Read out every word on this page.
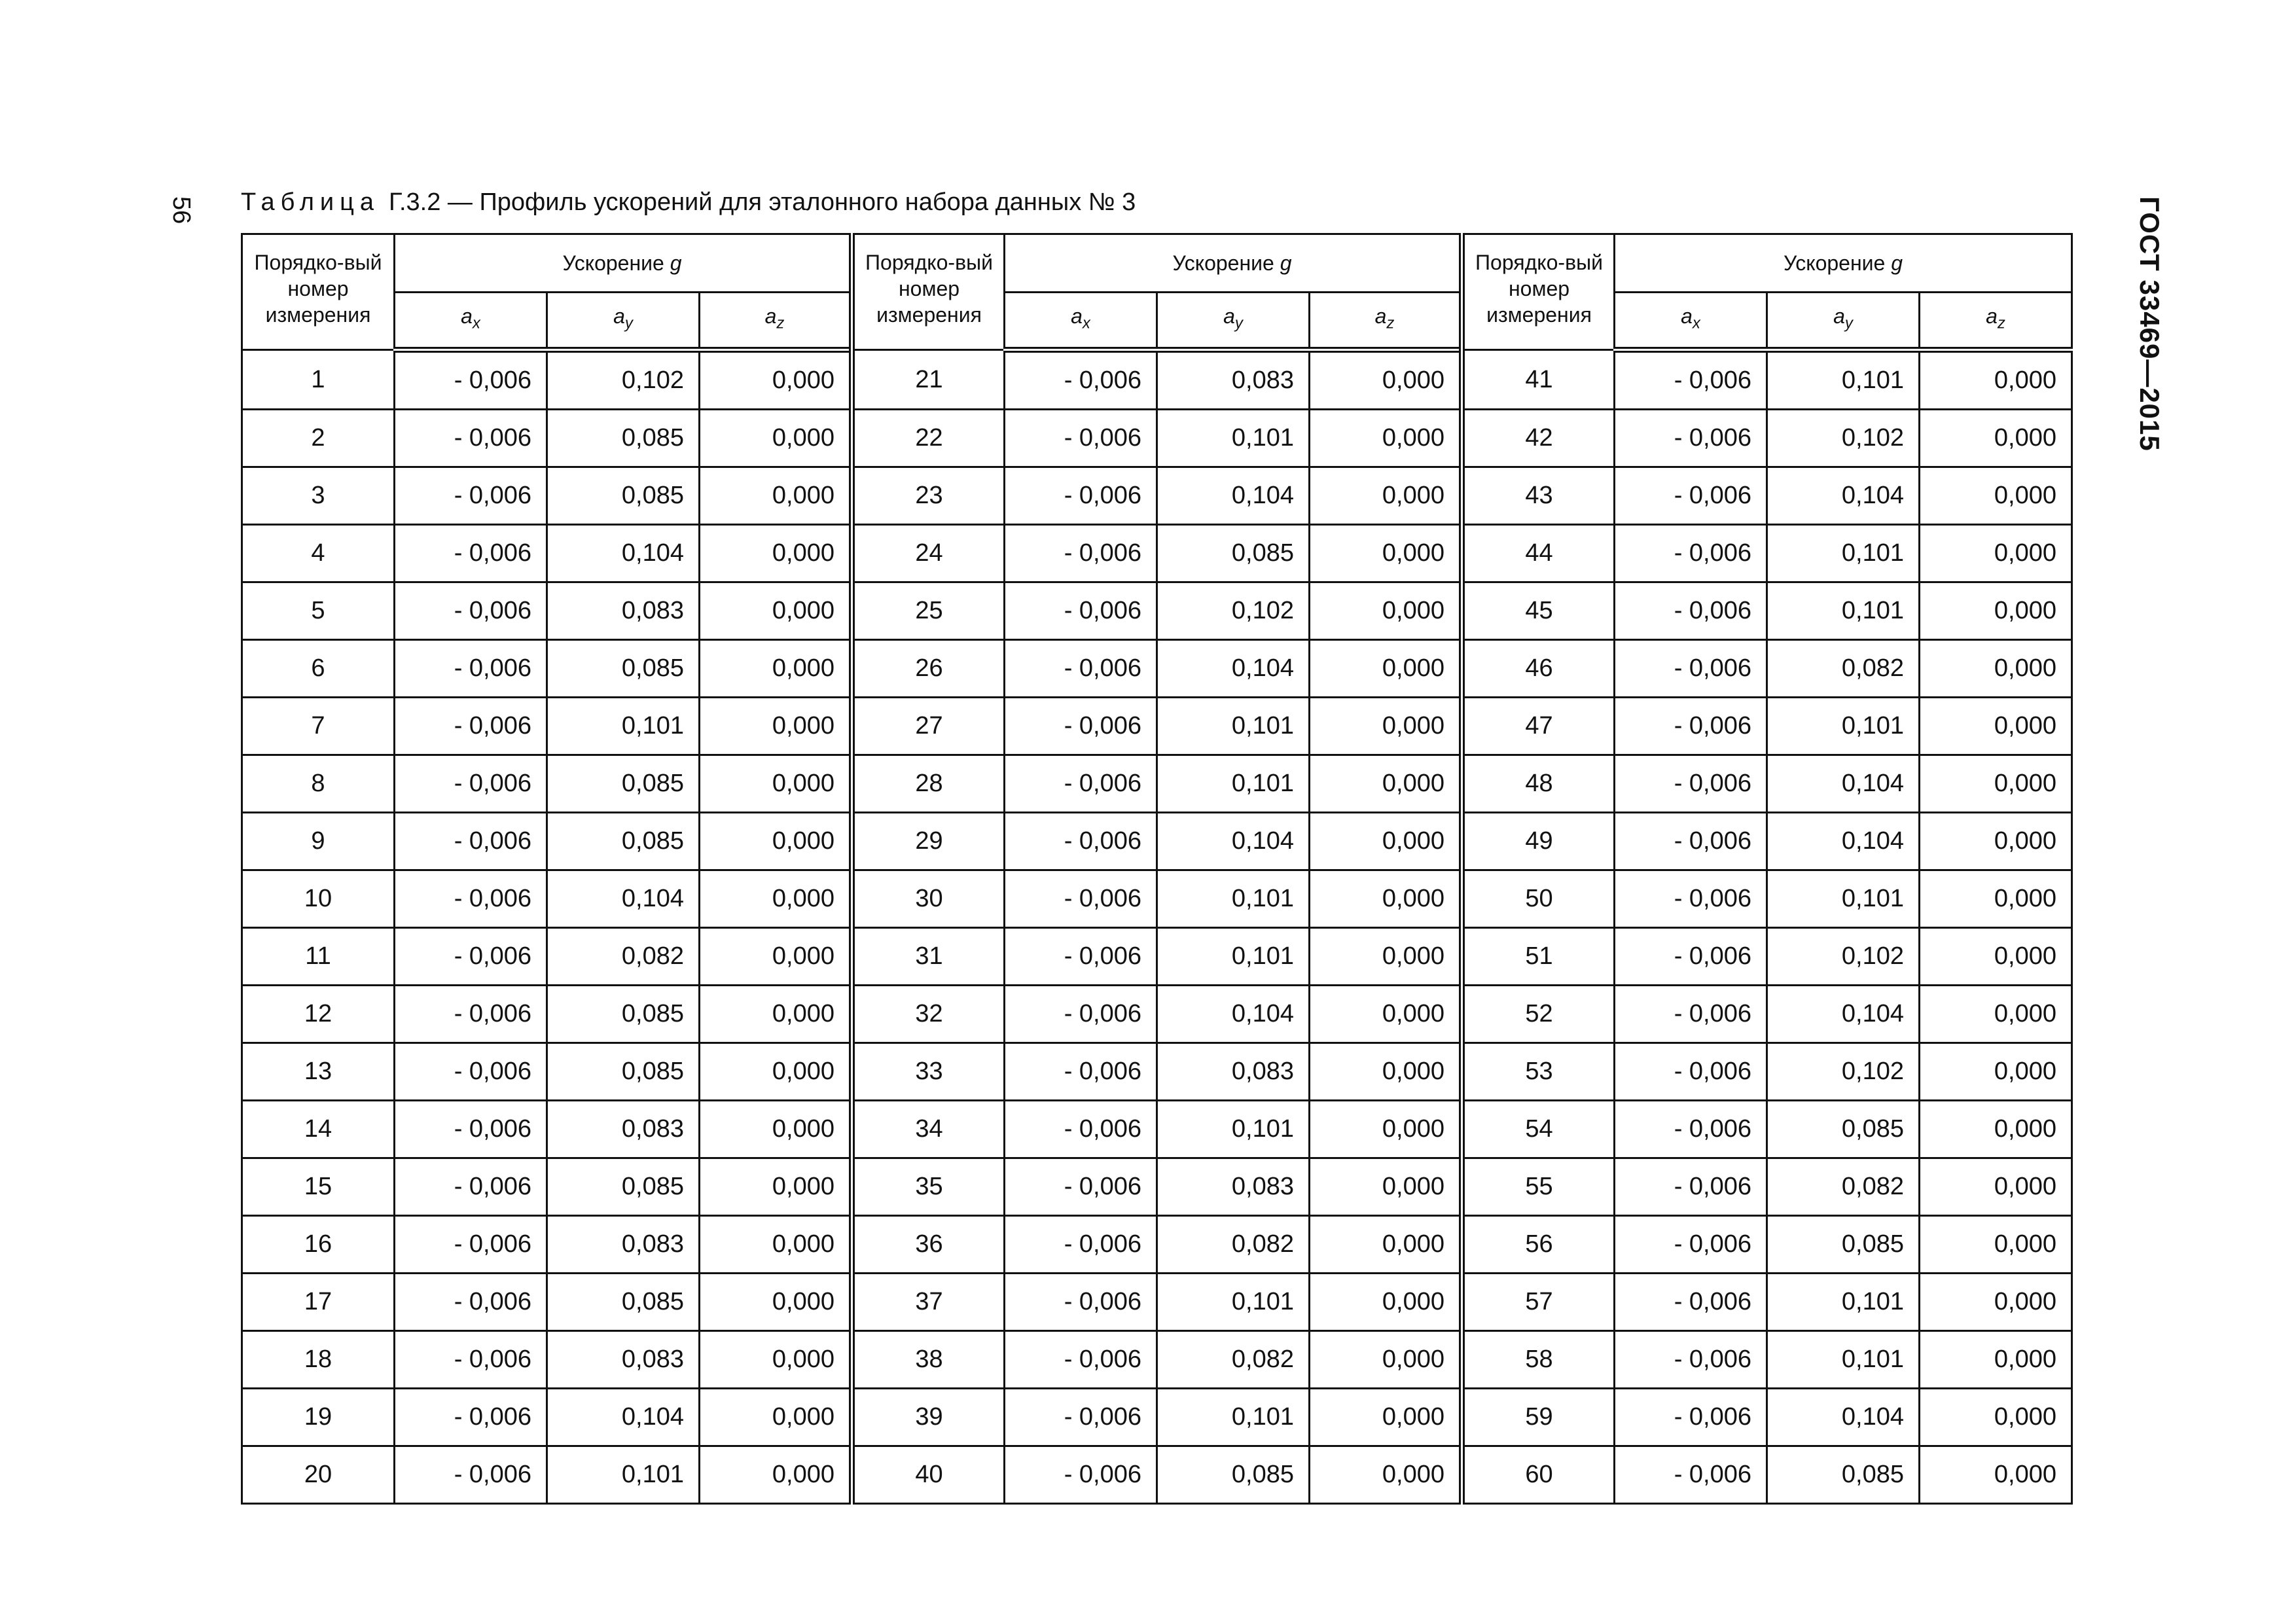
56 Таблица Г.3.2 — Профиль ускорений для эталонного набора данных № 3	ГОСТ 33469—2015
Порядко-вый номер измерения	Ускорение g			Порядко-вый номер измерения	Ускорение g			Порядко-вый номер измерения	Ускорение g		
	$a_x$	$a_y$	$a_z$		$a_x$	$a_y$	$a_z$		$a_x$	$a_y$	$a_z$
1	- 0,006	0,102	0,000	21	- 0,006	0,083	0,000	41	- 0,006	0,101	0,000
2	- 0,006	0,085	0,000	22	- 0,006	0,101	0,000	42	- 0,006	0,102	0,000
3	- 0,006	0,085	0,000	23	- 0,006	0,104	0,000	43	- 0,006	0,104	0,000
4	- 0,006	0,104	0,000	24	- 0,006	0,085	0,000	44	- 0,006	0,101	0,000
5	- 0,006	0,083	0,000	25	- 0,006	0,102	0,000	45	- 0,006	0,101	0,000
6	- 0,006	0,085	0,000	26	- 0,006	0,104	0,000	46	- 0,006	0,082	0,000
7	- 0,006	0,101	0,000	27	- 0,006	0,101	0,000	47	- 0,006	0,101	0,000
8	- 0,006	0,085	0,000	28	- 0,006	0,101	0,000	48	- 0,006	0,104	0,000
9	- 0,006	0,085	0,000	29	- 0,006	0,104	0,000	49	- 0,006	0,104	0,000
10	- 0,006	0,104	0,000	30	- 0,006	0,101	0,000	50	- 0,006	0,101	0,000
11	- 0,006	0,082	0,000	31	- 0,006	0,101	0,000	51	- 0,006	0,102	0,000
12	- 0,006	0,085	0,000	32	- 0,006	0,104	0,000	52	- 0,006	0,104	0,000
13	- 0,006	0,085	0,000	33	- 0,006	0,083	0,000	53	- 0,006	0,102	0,000
14	- 0,006	0,083	0,000	34	- 0,006	0,101	0,000	54	- 0,006	0,085	0,000
15	- 0,006	0,085	0,000	35	- 0,006	0,083	0,000	55	- 0,006	0,082	0,000
16	- 0,006	0,083	0,000	36	- 0,006	0,082	0,000	56	- 0,006	0,085	0,000
17	- 0,006	0,085	0,000	37	- 0,006	0,101	0,000	57	- 0,006	0,101	0,000
18	- 0,006	0,083	0,000	38	- 0,006	0,082	0,000	58	- 0,006	0,101	0,000
19	- 0,006	0,104	0,000	39	- 0,006	0,101	0,000	59	- 0,006	0,104	0,000
20	- 0,006	0,101	0,000	40	- 0,006	0,085	0,000	60	- 0,006	0,085	0,000
